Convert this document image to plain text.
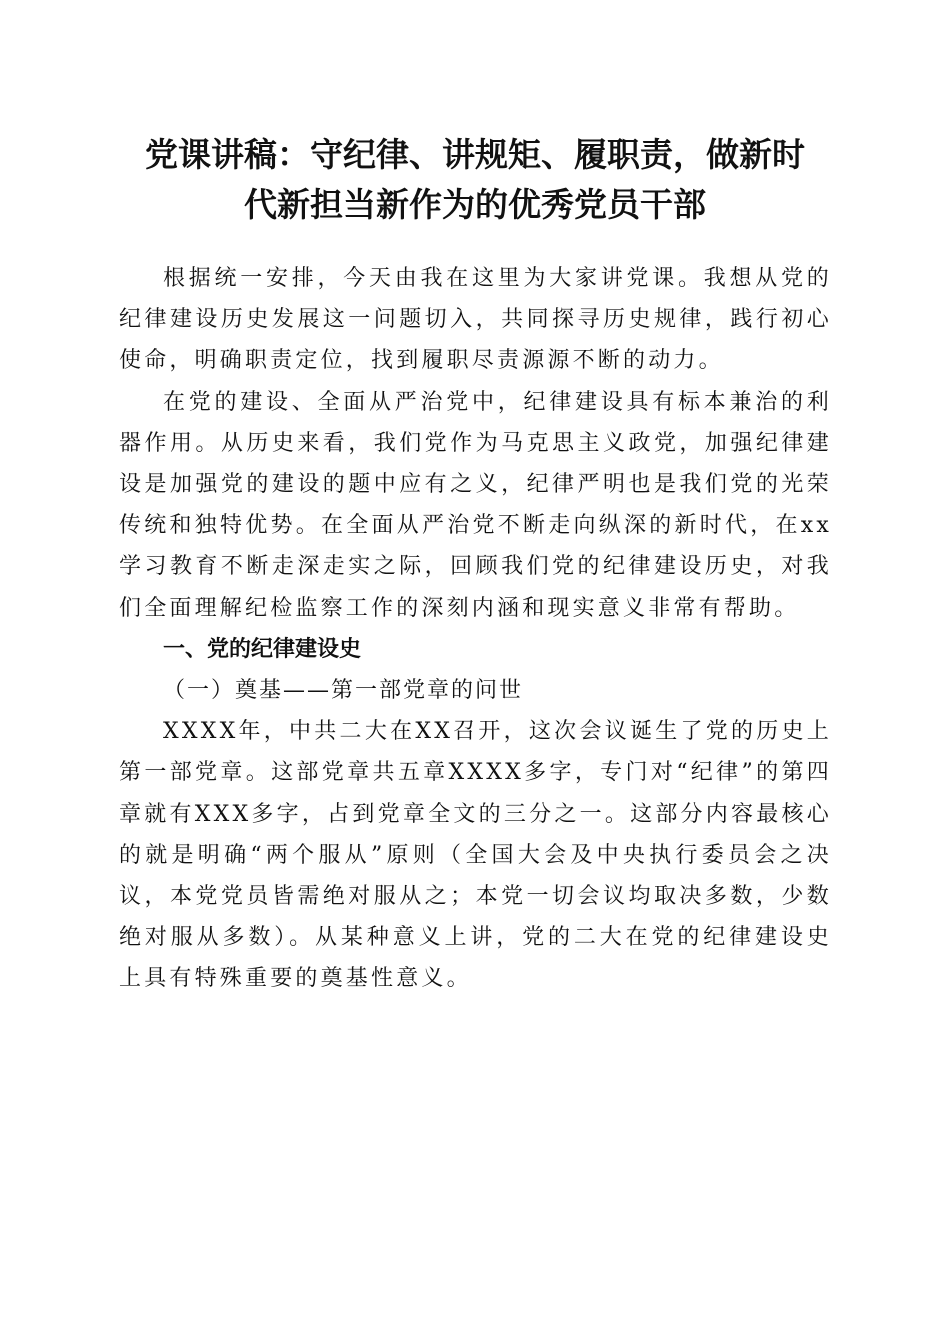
党课讲稿：守纪律、讲规矩、履职责，做新时
代新担当新作为的优秀党员干部

根据统一安排，今天由我在这里为大家讲党课。我想从党的纪律建设历史发展这一问题切入，共同探寻历史规律，践行初心使命，明确职责定位，找到履职尽责源源不断的动力。

在党的建设、全面从严治党中，纪律建设具有标本兼治的利器作用。从历史来看，我们党作为马克思主义政党，加强纪律建设是加强党的建设的题中应有之义，纪律严明也是我们党的光荣传统和独特优势。在全面从严治党不断走向纵深的新时代，在xx学习教育不断走深走实之际，回顾我们党的纪律建设历史，对我们全面理解纪检监察工作的深刻内涵和现实意义非常有帮助。

一、党的纪律建设史

（一）奠基——第一部党章的问世

XXXX年，中共二大在XX召开，这次会议诞生了党的历史上第一部党章。这部党章共五章XXXX多字，专门对“纪律”的第四章就有XXX多字，占到党章全文的三分之一。这部分内容最核心的就是明确“两个服从”原则（全国大会及中央执行委员会之决议，本党党员皆需绝对服从之；本党一切会议均取决多数，少数绝对服从多数）。从某种意义上讲，党的二大在党的纪律建设史上具有特殊重要的奠基性意义。
